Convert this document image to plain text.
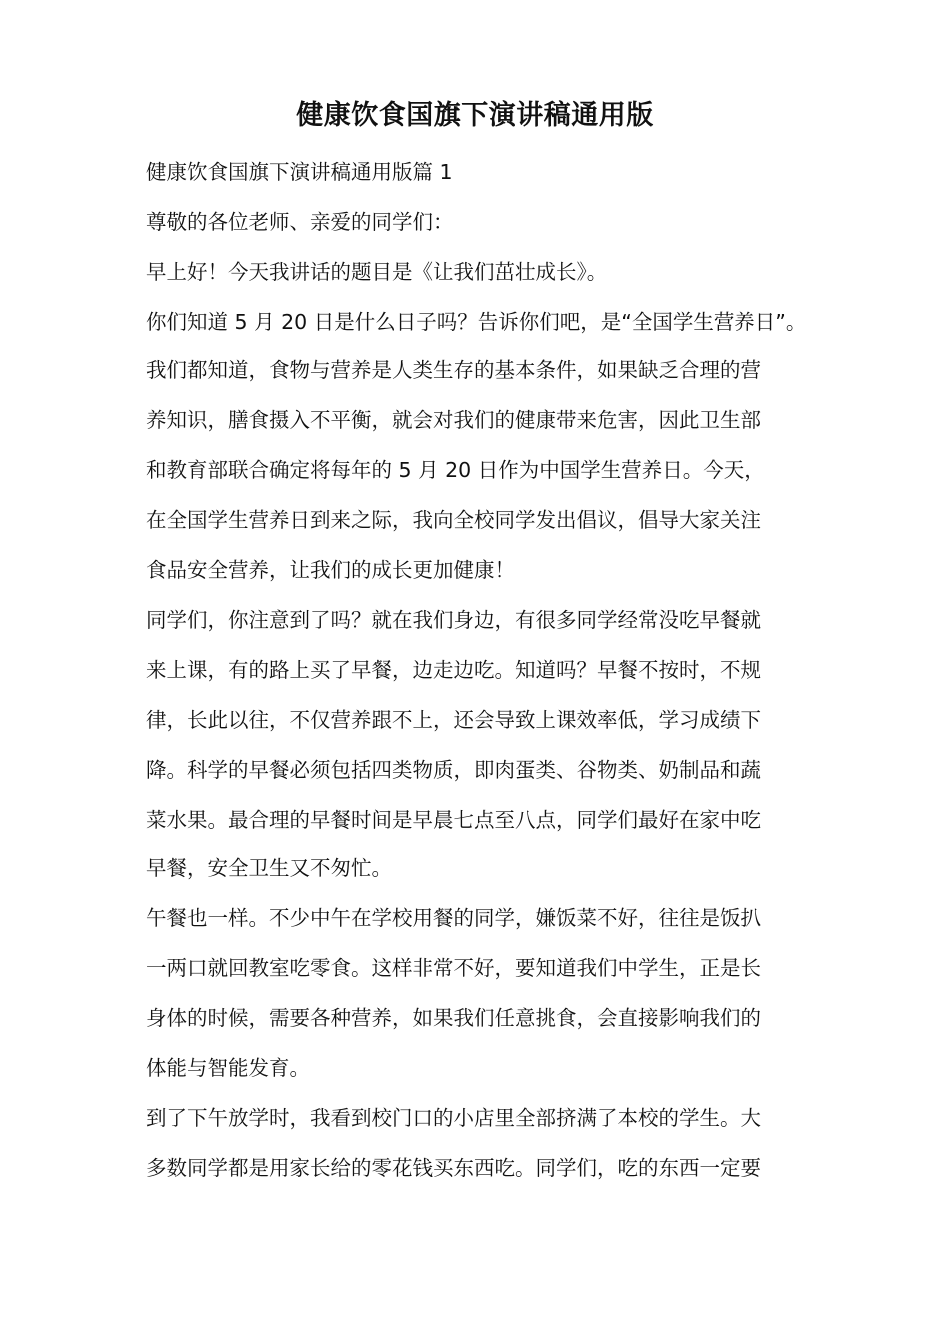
健康饮食国旗下演讲稿通用版

健康饮食国旗下演讲稿通用版篇 1

尊敬的各位老师、亲爱的同学们：

早上好！今天我讲话的题目是《让我们茁壮成长》。

你们知道 5 月 20 日是什么日子吗？告诉你们吧，是“全国学生营养日”。

我们都知道，食物与营养是人类生存的基本条件，如果缺乏合理的营

养知识，膳食摄入不平衡，就会对我们的健康带来危害，因此卫生部

和教育部联合确定将每年的 5 月 20 日作为中国学生营养日。今天，

在全国学生营养日到来之际，我向全校同学发出倡议，倡导大家关注

食品安全营养，让我们的成长更加健康！

同学们，你注意到了吗？就在我们身边，有很多同学经常没吃早餐就

来上课，有的路上买了早餐，边走边吃。知道吗？早餐不按时，不规

律，长此以往，不仅营养跟不上，还会导致上课效率低，学习成绩下

降。科学的早餐必须包括四类物质，即肉蛋类、谷物类、奶制品和蔬

菜水果。最合理的早餐时间是早晨七点至八点，同学们最好在家中吃

早餐，安全卫生又不匆忙。

午餐也一样。不少中午在学校用餐的同学，嫌饭菜不好，往往是饭扒

一两口就回教室吃零食。这样非常不好，要知道我们中学生，正是长

身体的时候，需要各种营养，如果我们任意挑食，会直接影响我们的

体能与智能发育。

到了下午放学时，我看到校门口的小店里全部挤满了本校的学生。大

多数同学都是用家长给的零花钱买东西吃。同学们，吃的东西一定要
